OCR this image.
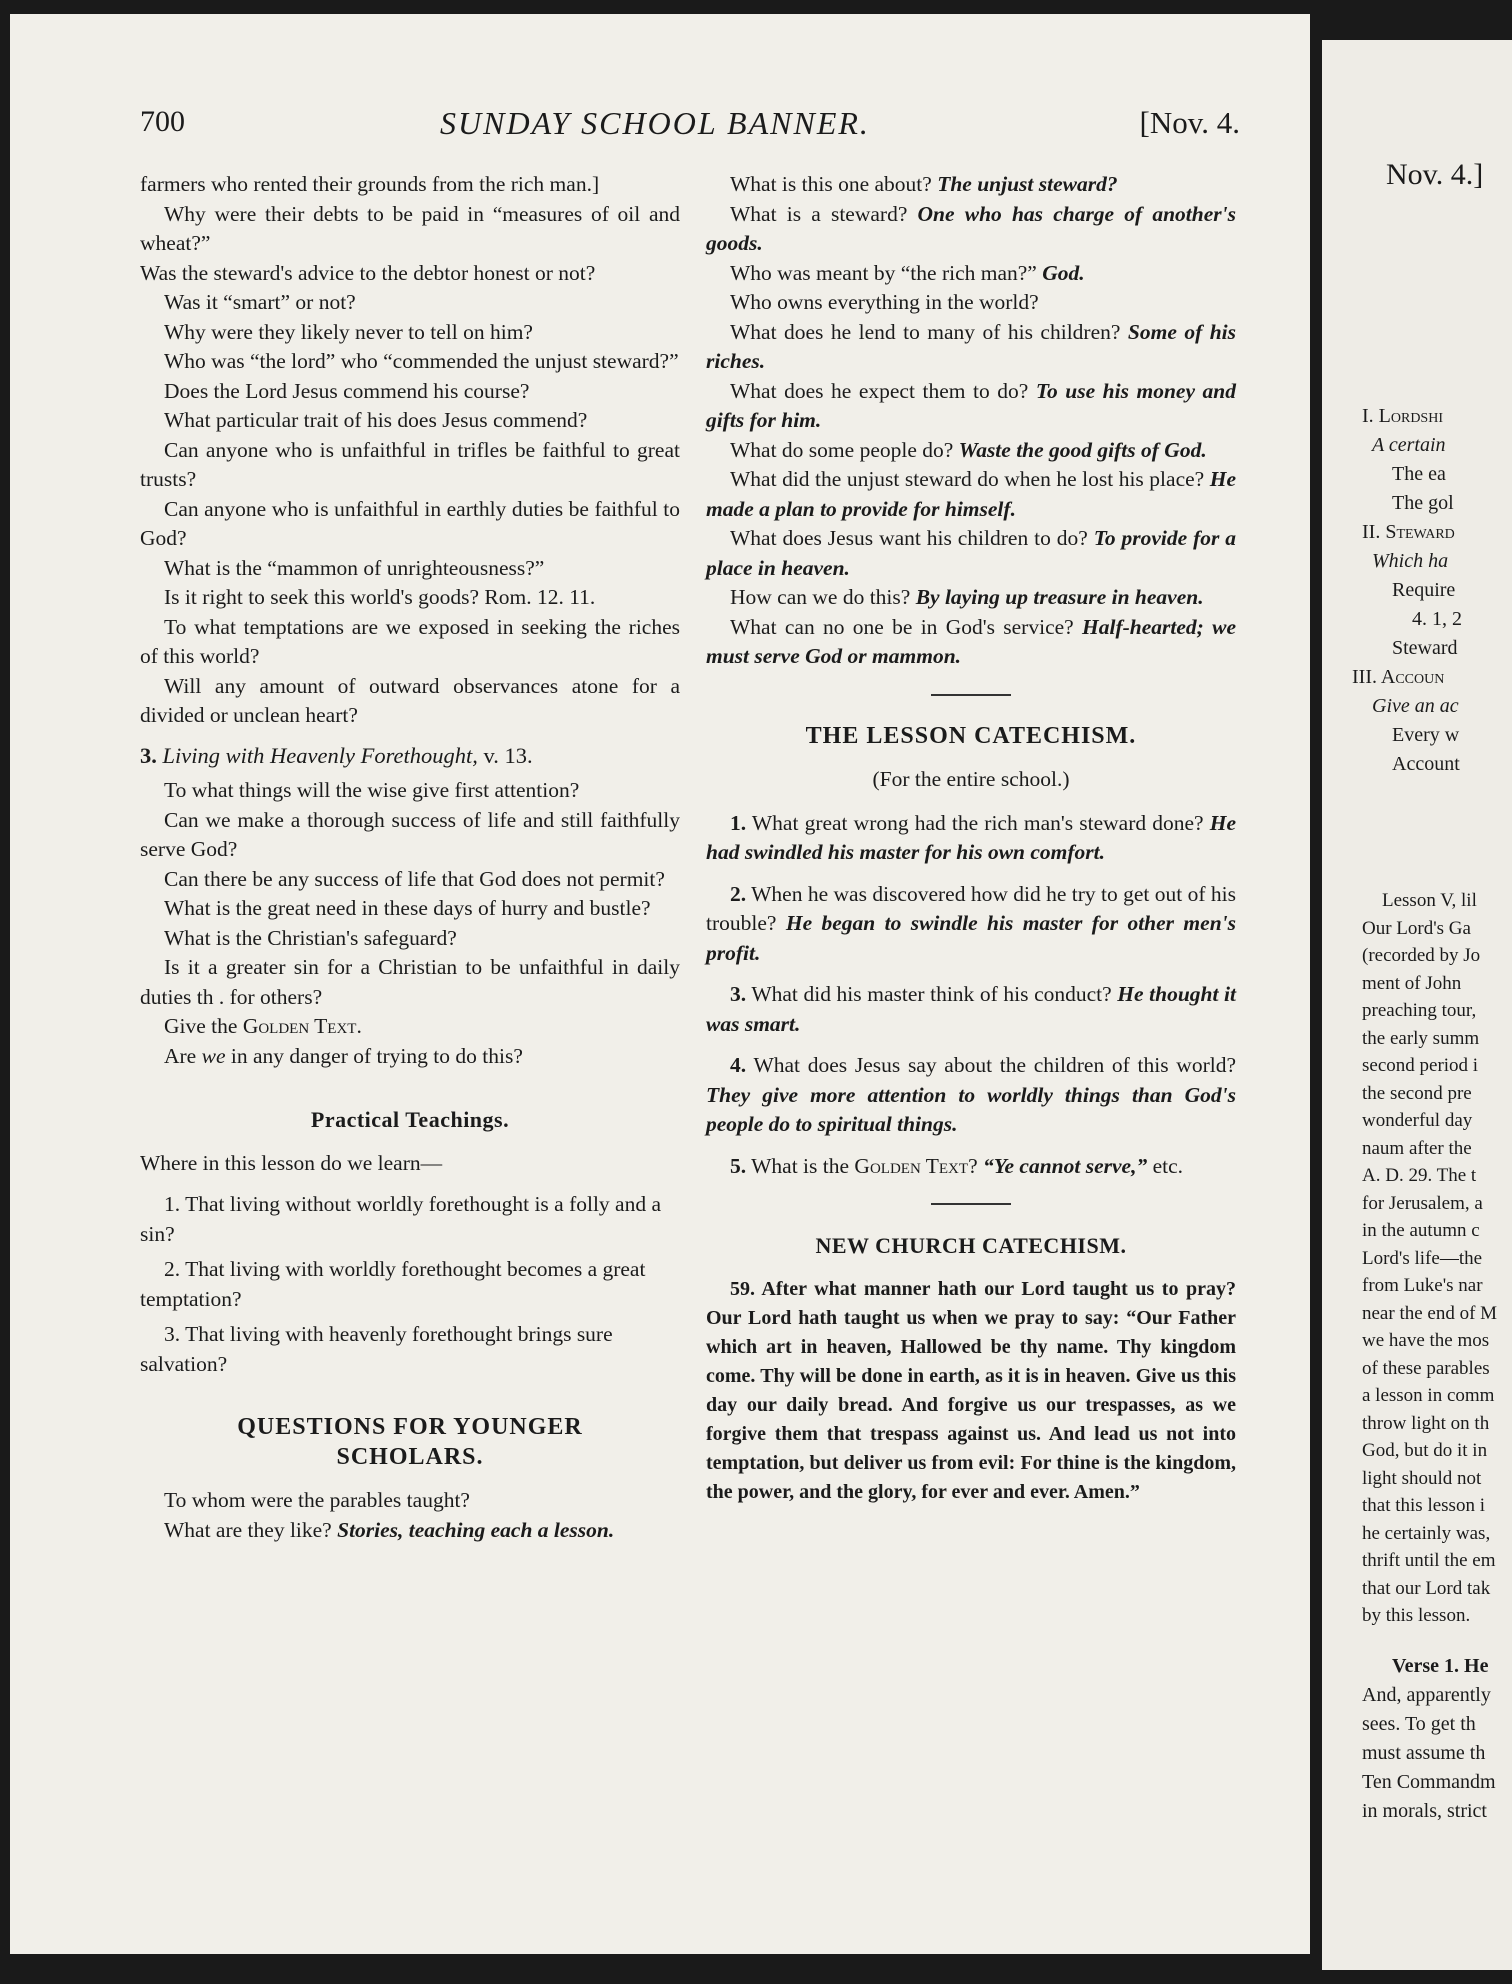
700	SUNDAY SCHOOL BANNER.	[Nov. 4.

farmers who rented their grounds from the rich man.]

Why were their debts to be paid in “measures of oil and wheat?”

Was the steward's advice to the debtor honest or not?

Was it “smart” or not?

Why were they likely never to tell on him?

Who was “the lord” who “commended the unjust steward?”

Does the Lord Jesus commend his course?

What particular trait of his does Jesus commend?

Can anyone who is unfaithful in trifles be faithful to great trusts?

Can anyone who is unfaithful in earthly duties be faithful to God?

What is the “mammon of unrighteousness?”

Is it right to seek this world's goods? Rom. 12. 11.

To what temptations are we exposed in seeking the riches of this world?

Will any amount of outward observances atone for a divided or unclean heart?

3. Living with Heavenly Forethought, v. 13.

To what things will the wise give first attention?

Can we make a thorough success of life and still faithfully serve God?

Can there be any success of life that God does not permit?

What is the great need in these days of hurry and bustle?

What is the Christian's safeguard?

Is it a greater sin for a Christian to be unfaithful in daily duties th . for others?

Give the Golden Text.

Are we in any danger of trying to do this?

Practical Teachings.

Where in this lesson do we learn—

1. That living without worldly forethought is a folly and a sin?

2. That living with worldly forethought becomes a great temptation?

3. That living with heavenly forethought brings sure salvation?

QUESTIONS FOR YOUNGER SCHOLARS.

To whom were the parables taught?

What are they like? Stories, teaching each a lesson.

What is this one about? The unjust steward?

What is a steward? One who has charge of another's goods.

Who was meant by “the rich man?” God.

Who owns everything in the world?

What does he lend to many of his children? Some of his riches.

What does he expect them to do? To use his money and gifts for him.

What do some people do? Waste the good gifts of God.

What did the unjust steward do when he lost his place? He made a plan to provide for himself.

What does Jesus want his children to do? To provide for a place in heaven.

How can we do this? By laying up treasure in heaven.

What can no one be in God's service? Half-hearted; we must serve God or mammon.

THE LESSON CATECHISM.
(For the entire school.)

1. What great wrong had the rich man's steward done? He had swindled his master for his own comfort.

2. When he was discovered how did he try to get out of his trouble? He began to swindle his master for other men's profit.

3. What did his master think of his conduct? He thought it was smart.

4. What does Jesus say about the children of this world? They give more attention to worldly things than God's people do to spiritual things.

5. What is the Golden Text? “Ye cannot serve,” etc.

NEW CHURCH CATECHISM.

59. After what manner hath our Lord taught us to pray? Our Lord hath taught us when we pray to say: “Our Father which art in heaven, Hallowed be thy name. Thy kingdom come. Thy will be done in earth, as it is in heaven. Give us this day our daily bread. And forgive us our trespasses, as we forgive them that trespass against us. And lead us not into temptation, but deliver us from evil: For thine is the kingdom, the power, and the glory, for ever and ever. Amen.”

Nov. 4.]
I. Lordshi
A certain
The ea
The gol
II. Steward
Which ha
Require
4. 1, 2
Steward
III. Accoun
Give an ac
Every w
Account
Lesson V, lil
Our Lord's Ga
(recorded by Jo
ment of John
preaching tour,
the early summ
second period i
the second pre
wonderful day
naum after the
A. D. 29. The t
for Jerusalem, a
in the autumn c
Lord's life—the
from Luke's nar
near the end of M
we have the mos
of these parables
a lesson in comm
throw light on th
God, but do it in
light should not
that this lesson i
he certainly was,
thrift until the em
that our Lord tak
by this lesson.
Verse 1. He
And, apparently
sees. To get th
must assume th
Ten Commandm
in morals, strict
